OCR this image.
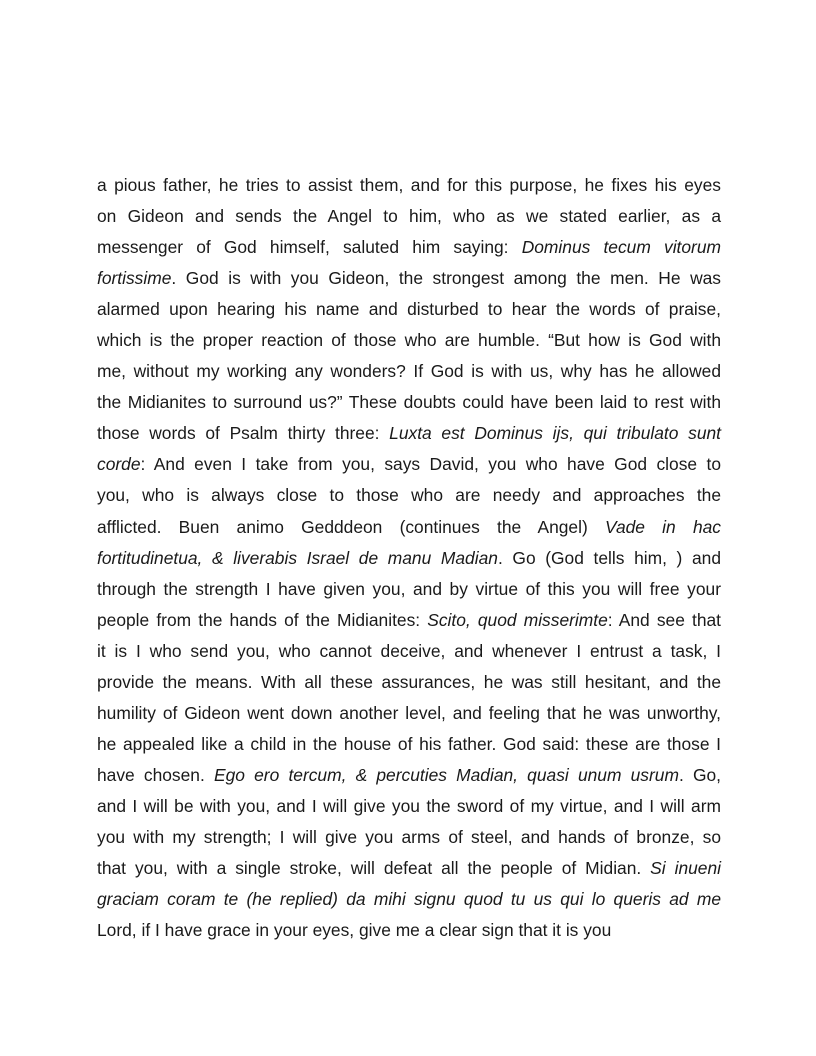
a pious father, he tries to assist them, and for this purpose, he fixes his eyes
on Gideon and sends the Angel to him, who as we stated earlier, as a
messenger of God himself, saluted him saying: Dominus tecum vitorum
fortissime. God is with you Gideon, the strongest among the men. He was
alarmed upon hearing his name and disturbed to hear the words of praise,
which is the proper reaction of those who are humble. “But how is God with
me, without my working any wonders? If God is with us, why has he allowed
the Midianites to surround us?” These doubts could have been laid to rest with
those words of Psalm thirty three: Luxta est Dominus ijs, qui tribulato sunt
corde: And even I take from you, says David, you who have God close to
you, who is always close to those who are needy and approaches the
afflicted. Buen animo Gedddeon (continues the Angel) Vade in hac
fortitudinetua, & liverabis Israel de manu Madian. Go (God tells him, ) and
through the strength I have given you, and by virtue of this you will free your
people from the hands of the Midianites: Scito, quod misserimte: And see that
it is I who send you, who cannot deceive, and whenever I entrust a task, I
provide the means. With all these assurances, he was still hesitant, and the
humility of Gideon went down another level, and feeling that he was unworthy,
he appealed like a child in the house of his father. God said: these are those I
have chosen. Ego ero tercum, & percuties Madian, quasi unum usrum. Go,
and I will be with you, and I will give you the sword of my virtue, and I will arm
you with my strength; I will give you arms of steel, and hands of bronze, so
that you, with a single stroke, will defeat all the people of Midian. Si inueni
graciam coram te (he replied) da mihi signu quod tu us qui lo queris ad me
Lord, if I have grace in your eyes, give me a clear sign that it is you
